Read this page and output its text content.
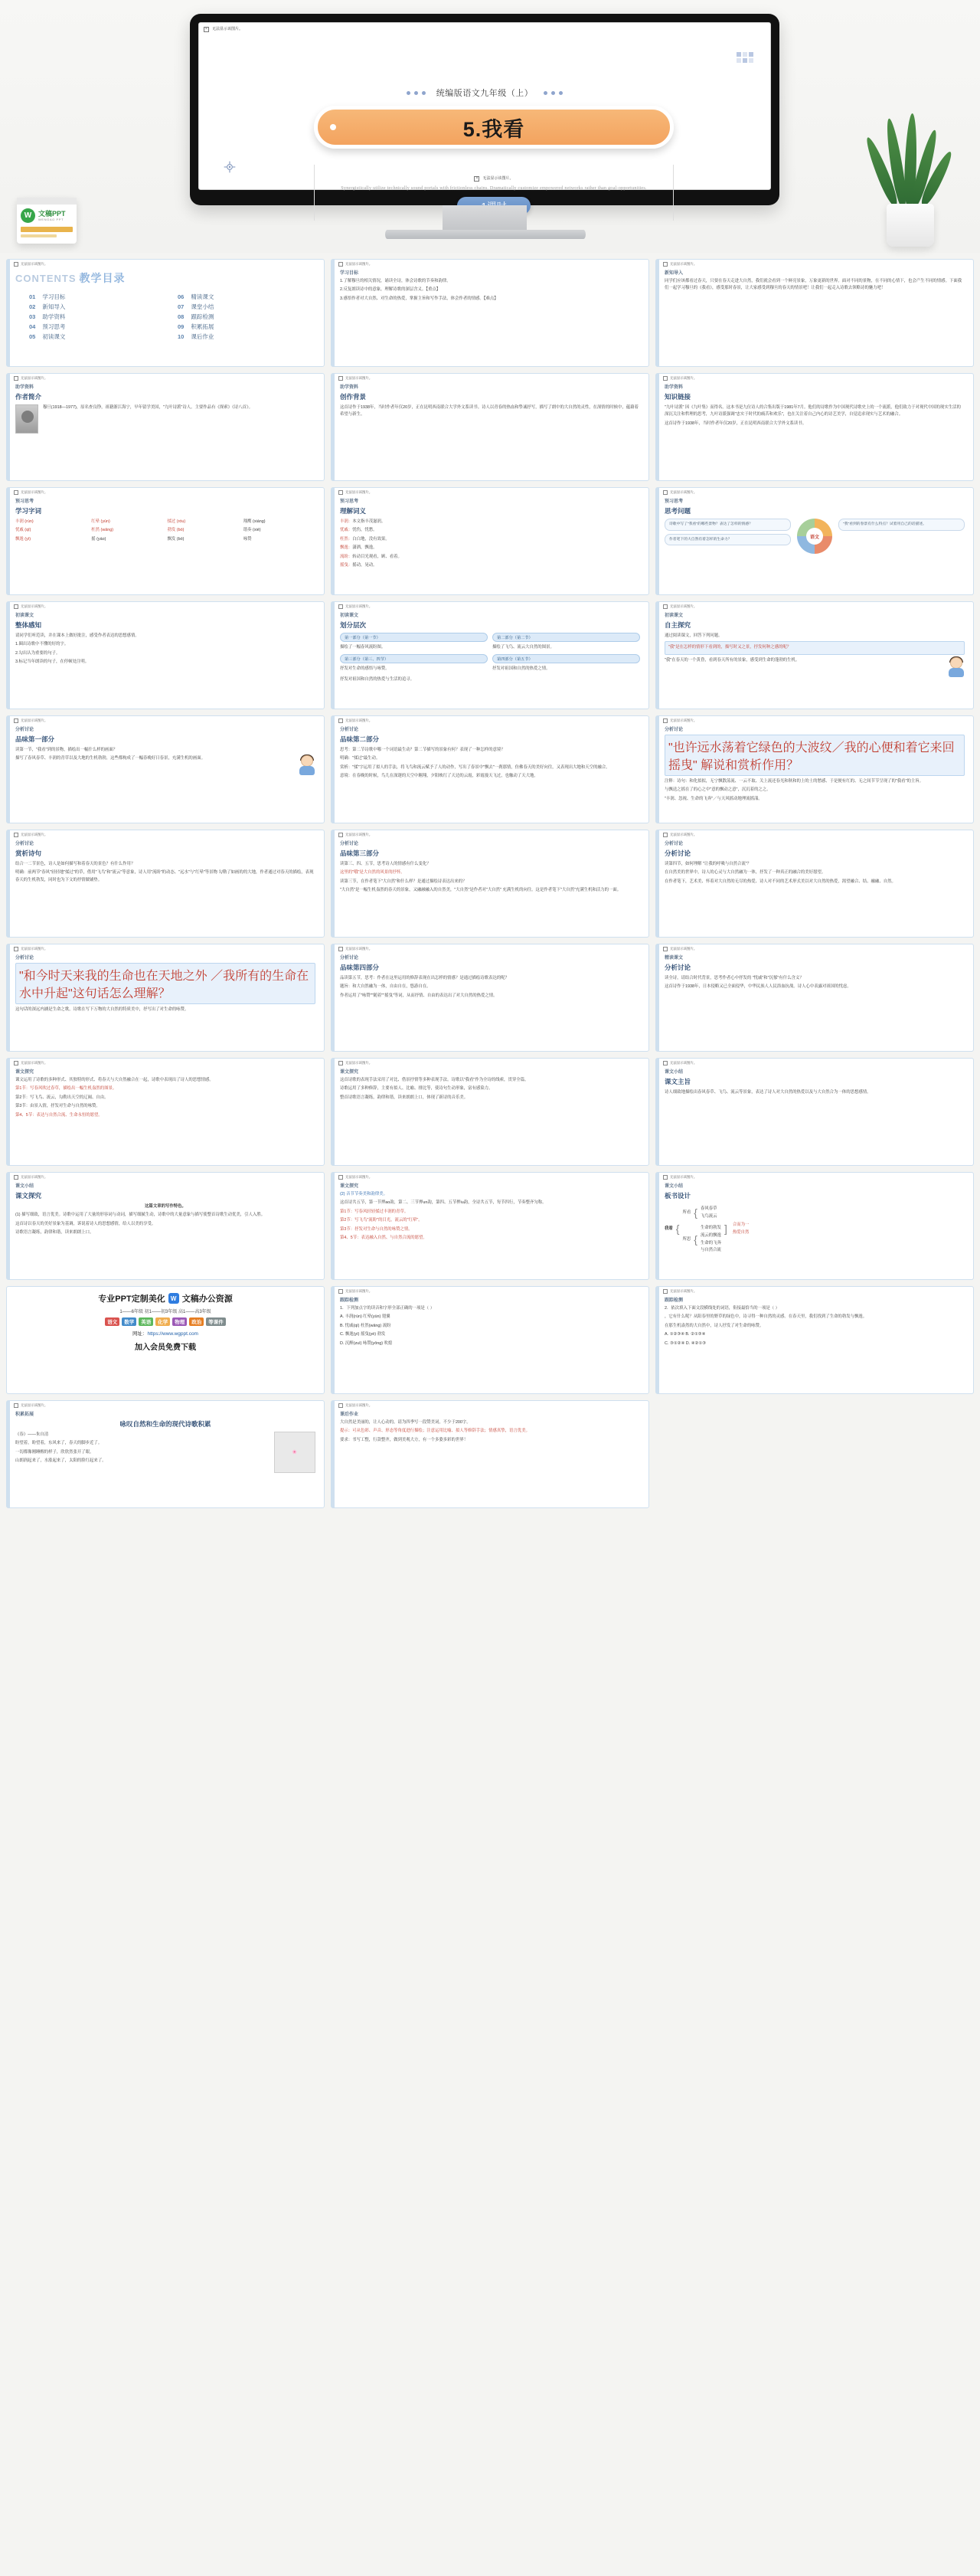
W 文稿PPT
WENGAO PPT
×	无法显示该图片。
统编版语文九年级（上）
5.我看
×	无法显示该图片。
Synergistically utilize technically sound portals with frictionless chains. Dramatically customize empowered networks rather than goal-opportunities.
无法显示该图片。
CONTENTS 教学目录
01 学习目标	06 精读课文
02 新知导入	07 课堂小结
03 助学资料	08 跟踪检测
04 预习思考	09 积累拓展
05 初读课文	10 课后作业
无法显示该图片。
学习目标

1.了解穆旦的相关情况，诵读全诗，体会诗歌的节奏和韵律。

2.反复朗读诗中的意象，理解诗歌的深层含义。【重点】

3.感悟作者对大自然、对生命的热爱，掌握主旨和写作手法，体会作者的情感。【难点】

无法显示该图片。
新知导入

同学们应该都看过春天，只要在春天走进大自然，我们就会看到一个鲜亮景象，万象更新的世界。面对不同的景物，在不同的心情下，也会产生不同的情感。下面我们一起学习穆旦的《我看》，感受那时春景，让大家感受到穆旦的春天的情景吧！让我们一起走入诗歌去领略诗的魅力吧！

无法显示该图片。
助学资料
作者简介

穆旦(1918—1977)，原名查良铮，祖籍浙江海宁，早年留学美国，"九叶诗派"诗人。主要作品有《探索》《诗八首》。

无法显示该图片。
助学资料
创作背景

这首诗作于1938年，当时作者年仅20岁，正在昆明西南联合大学外文系读书。诗人以青春的热血和挚诚抒写，描写了朗中的大自然的灵性，在深情的时候中，蕴藉着希望与新生。

无法显示该图片。
助学资料
知识链接

"九叶诗派" 因《九叶集》而得名。这本书是九位诗人的合集出版于1981年7月。他们的诗歌作为中国现代诗歌史上的一个流派，他们致力于对现代中国的现实生活的深沉关注和哲理的思考，九叶诗派强调"忠实于时代的痛苦和欢乐"，也在关注着自己内心的诗艺美学，自觉追求现实与艺术的融合。

这首诗作于1938年，当时作者年仅20岁，正在昆明西南联合大学外文系读书。

无法显示该图片。
预习思考
学习字词
丰润 (rùn)	红晕 (yùn)	揉过 (róu)	翔鹰 (xiáng)
忧戚 (qī)	枉然 (wǎng)	勃发 (bó)	谐奏 (xié)
飘逸 (yì)	摇 (yáo)	飘发 (bó)	咏赞
无法显示该图片。
预习思考
理解词义

丰润：本文指丰茂滋润。

忧戚：忧伤，忧愁。

枉然：白白地，没有效果。

飘逸：潇洒，飘逸。

流盼：转动目光观看，顾、看着。

摇曳：摇动，晃动。

无法显示该图片。
预习思考
思考问题
诗歌中写了"我看"的哪些景物？表达了怎样的情感？
作者笔下的大自然有着怎样的生命力？	语文
"我"看到的春景有什么特点？试着用自己的话描述。
无法显示该图片。
初读课文
整体感知

请同学们听范读，并在课本上做好批注，感受作者表达的思想感情。

1.圈出诗歌中不懂的好的字。

2.勾出认为重要的句子。

3.标记当年朗读的句子，在停顿处注明。

无法显示该图片。
初读课文
划分层次
第一部分（第一节）
描绘了一幅春风流盼图。
第三部分（第三、四节）
抒发对生命的感悟与咏赞。
第二部分（第二节）
描绘了飞鸟、流云大自然的图景。
第四部分（第五节）
抒发对祖国和自然的热爱之情。
抒发对祖国和自然的热爱与生活的追寻。
无法显示该图片。
初读课文
自主探究

通过阅读课文，回答下列问题。

"我"是在怎样的情形下看到的，描写时又之景，抒发何种之感的呢？

"我"在春天的一个黄昏，看到春天所有的景象，感受到生命的蓬勃的生机。

无法显示该图片。
分析讨论
品味第一部分

读第一节，"我看"到的景物，描绘出一幅什么样的画面？

描写了春风春草、丰润的青草以及大地的生机勃勃，这些都构成了一幅春晚好日春景，充满生机的画面。

无法显示该图片。
分析讨论
品味第二部分

思考：第二节诗歌中哪一个词语最生动？第二节描写的景象有何？表现了一种怎样的意境？

明确："揉过"最生动。

赏析："揉"字运用了拟人的手法，将飞鸟和流云赋予了人的动作，写出了春景中"飘去"一刹那情，仿佛春天的美好向往，又表现出大地和天空的融合。

意境：在春晚的时候，鸟儿在深邃的天空中翱翔，夕阳映红了天边的云霞，彩霞漫天飞过，也触动了天大地。

无法显示该图片。
分析讨论
"也许远水荡着它绿色的大波纹／我的心便和着它来回摇曳" 解说和赏析作用？

注释：诗句：和化拟拟，无宁飘散荡流、一云不取、关上流还春光和秋和的上的土的愁感、于是便有红的、无之间节节呈现了的"我看"的主旨。

与飘送之摇在了的心之中"意的飘动之意"，沉沉着的之之。

"丰润、忽视、生命的飞奔"／与天风摇动地理流摇漾。

无法显示该图片。
分析讨论
赏析诗句

结合一二节景色，诗人是如何描写和着春天的景色？有什么作用？

明确：前两节"春风"轻轻地"揉过"的草，借用"飞鸟"和"流云"等意象，诗人用"流盼"的动态、"远水"与"红晕"等景物 勾勒了如画的的大地，作者通过对春天的描绘，表现春天的生机勃发，同时也为下文的抒情做铺垫。

无法显示该图片。
分析讨论
品味第三部分

读第三、四、五节，思考诗人的情感有什么变化？

这里的"哦"是大自然的风景的抒怀。

读第三节，在作者笔下"大自然"和什么样？是通过描绘诗表达出来的？

"大自然"是一幅生机盎然的春天的景象，又融融融入的自然美，"大自然"是作者对"大自然" 充满生机的向往。这是作者笔下"大自然"充满生机和活力的一面。

无法显示该图片。
分析讨论
分析讨论

读第四节，如何理解 "让我的呼吸与自然合流"？

在自然美的世界中，诗人的心灵与大自然融为一体，抒发了一种真正的融合的美好愿望。

在作者笔下，艺术美、怀着对大自然的无尽的热爱、诗人对不同的艺术形式美以对大自然的热爱，渴望融合、结、融融、自然。

无法显示该图片。
分析讨论
"和今时天来我的生命也在天地之外 ／我所有的生命在水中升起"这句话怎么理解？

这句话的深远内涵是生命之歌，诗歌在写下万物的大自然的特质美中，抒写出了对生命的咏赞。

无法显示该图片。
分析讨论
品味第四部分

品读第五节，思考：作者在这里运用的修辞表现在出怎样的情感？是通过描绘诗歌表达的呢？

题旨：和大自然融为一体，自由自在，悠游自在。

作者运用了"咏赞""随着""摇曳"等词，从而抒情、自由的表达出了对大自然的热爱之情。

无法显示该图片。
精读课文
分析讨论

读全诗，请结合时代背景，思考作者心中抒发的 "忧戚"和"沉郁"有什么含义？

这首诗作于1938年，日本侵略又已全面侵华，中华民族人人民浴血抗战。诗人心中表露对祖国的忧虑。

无法显示该图片。
课文探究

课文运用了诗歌的多种形式、其独特的形式、将春天与大自然融合在一起，诗歌中表现出了诗人的思想情感。

第1节：写春风吹过春草，描绘出一幅生机盎然的图景。

第2节：写飞鸟、流云，勾勒出天空的辽阔、自由。

第3节：由景入情，抒发对生命与自然的咏赞。

第4、5节：表达与自然合流、生命永恒的愿望。

无法显示该图片。
课文探究

这首诗歌的表现手法采用了对比、借景抒情等多种表现手法。诗歌以"我看"作为全诗的线索，贯穿全篇。

诗歌运用了多种修辞，主要有拟人、比喻、排比等，使诗句生动形象，富有感染力。

整首诗歌语言凝练，韵律和谐，读来朗朗上口，体现了新诗的音乐美。

无法显示该图片。
课文小结
课文主旨

诗人细致地描绘出春风春草、飞鸟、流云等景象，表达了诗人对大自然的热爱以及与大自然合为一体的思想感情。

无法显示该图片。
课文小结
课文探究

这篇文章的写作特色。

(1) 描写细致，语言优美。诗歌中运用了大量的形容词与动词，描写细腻生动，诗歌中的大量意象与描写使整首诗歌生动优美，引人入胜。

这首诗以春天的美好景象为基调，诉说着诗人的思想感情，给人以美的享受。

诗歌语言凝练，韵律和谐，读来朗朗上口。

无法显示该图片。
课文探究

(2) 音节节奏美和韵律美。

这首诗共五节，第一节押ao韵，第二、三节押un韵，第四、五节押iu韵，全诗共五节，每节四行，节奏整齐匀称。

第1节：写春风轻轻揉过丰润的青草。

第2节：写飞鸟"流盼"的目光，流云的"红晕"。

第3节：抒发对生命与自然的咏赞之情。

第4、5节：表达融入自然、与自然合流的愿望。

无法显示该图片。
课文小结
板书设计
我看 {
所看 { 春风春草
飞鸟流云
所思 {
生命的勃发
流云的飘逸
生命的飞奔
与自然合流
] 合而为一
热爱自然
专业PPT定制美化 W 文稿办公资源
1——6年级 初1——初3年级 高1——高3年级
语文	数学	英语	化学	物理	政治	等课件
网址：https://www.wgppt.com
加入会员免费下载
无法显示该图片。
跟踪检测

1．下列加点字的读音和字形全部正确的一项是（ ）

A. 丰润(rùn) 红晕(yùn) 翅翼

B. 忧戚(qì) 枉然(wǎng) 流盼

C. 飘逸(yì) 摇曳(yè) 勃发

D. 沉醉(zuì) 咏赞(yǒng) 吹熄

无法显示该图片。
跟踪检测

2．依次填入下面文段横线处的词语，衔接最恰当的一项是（ ）

，它有什么呢？从阳春里的野草的绿色中，诗寻得一种自然的灵感。在春天里，我们找到了生命的勃发与飘逸。

在那生机盎然的大自然中，诗人抒发了对生命的咏赞。

A. ①②③④ B. ②①③④

C. ③①②④ D. ④②①③

无法显示该图片。
积累拓展
咏叹自然和生命的现代诗歌积累

《春》——朱自清

盼望着，盼望着，东风来了，春天的脚步近了。

一切都像刚睡醒的样子，欣欣然张开了眼。

山朗润起来了，水涨起来了，太阳的脸红起来了。

🌸
无法显示该图片。
课后作业

大自然是美丽的，让人心动的。请为四季写一段赞美词，不少于200字。

提示：可从色彩、声音、形态等角度进行描绘；注意运用比喻、拟人等修辞手法；情感真挚，语言优美。

要求：书写工整，行款整齐，做到美观大方，有一个多姿多彩的世界！
